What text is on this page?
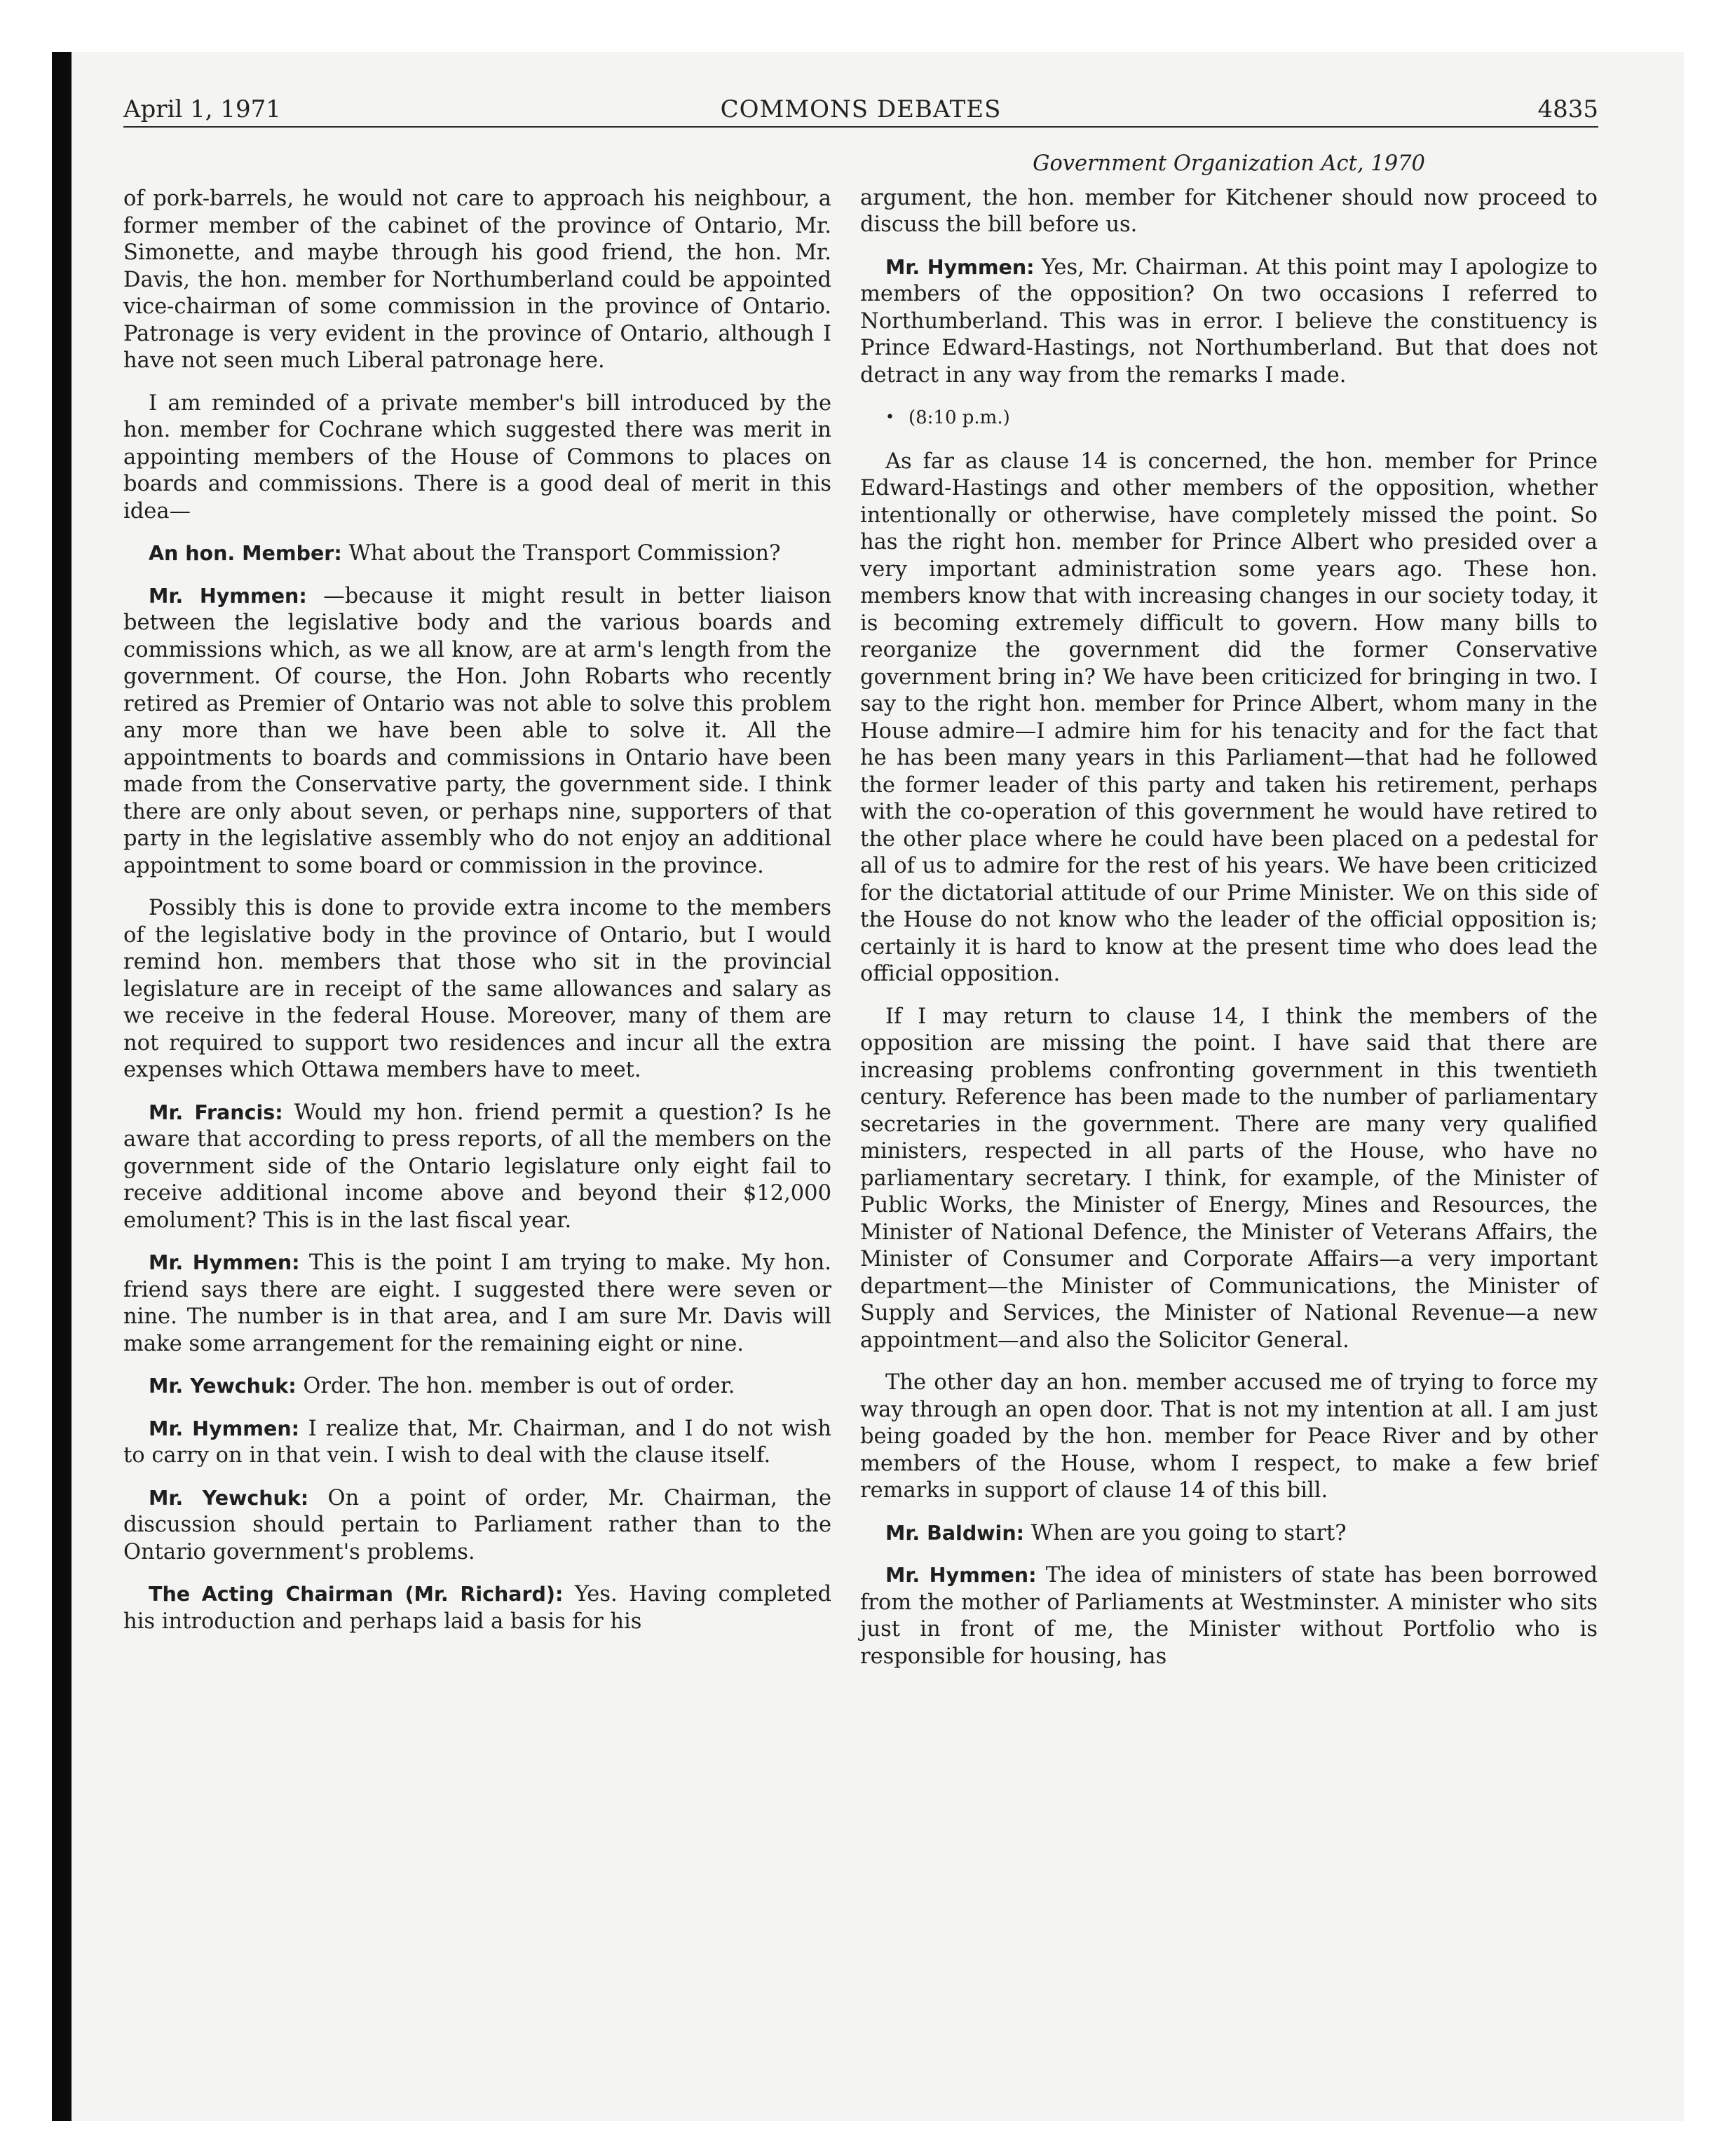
April 1, 1971	COMMONS DEBATES	4835

of pork-barrels, he would not care to approach his neighbour, a former member of the cabinet of the province of Ontario, Mr. Simonette, and maybe through his good friend, the hon. Mr. Davis, the hon. member for Northumberland could be appointed vice-chairman of some commission in the province of Ontario. Patronage is very evident in the province of Ontario, although I have not seen much Liberal patronage here.

I am reminded of a private member's bill introduced by the hon. member for Cochrane which suggested there was merit in appointing members of the House of Commons to places on boards and commissions. There is a good deal of merit in this idea—

An hon. Member: What about the Transport Commission?

Mr. Hymmen: —because it might result in better liaison between the legislative body and the various boards and commissions which, as we all know, are at arm's length from the government. Of course, the Hon. John Robarts who recently retired as Premier of Ontario was not able to solve this problem any more than we have been able to solve it. All the appointments to boards and commissions in Ontario have been made from the Conservative party, the government side. I think there are only about seven, or perhaps nine, supporters of that party in the legislative assembly who do not enjoy an additional appointment to some board or commission in the province.

Possibly this is done to provide extra income to the members of the legislative body in the province of Ontario, but I would remind hon. members that those who sit in the provincial legislature are in receipt of the same allowances and salary as we receive in the federal House. Moreover, many of them are not required to support two residences and incur all the extra expenses which Ottawa members have to meet.

Mr. Francis: Would my hon. friend permit a question? Is he aware that according to press reports, of all the members on the government side of the Ontario legislature only eight fail to receive additional income above and beyond their $12,000 emolument? This is in the last fiscal year.

Mr. Hymmen: This is the point I am trying to make. My hon. friend says there are eight. I suggested there were seven or nine. The number is in that area, and I am sure Mr. Davis will make some arrangement for the remaining eight or nine.

Mr. Yewchuk: Order. The hon. member is out of order.

Mr. Hymmen: I realize that, Mr. Chairman, and I do not wish to carry on in that vein. I wish to deal with the clause itself.

Mr. Yewchuk: On a point of order, Mr. Chairman, the discussion should pertain to Parliament rather than to the Ontario government's problems.

The Acting Chairman (Mr. Richard): Yes. Having completed his introduction and perhaps laid a basis for his

Government Organization Act, 1970

argument, the hon. member for Kitchener should now proceed to discuss the bill before us.

Mr. Hymmen: Yes, Mr. Chairman. At this point may I apologize to members of the opposition? On two occasions I referred to Northumberland. This was in error. I believe the constituency is Prince Edward-Hastings, not Northumberland. But that does not detract in any way from the remarks I made.

• (8:10 p.m.)

As far as clause 14 is concerned, the hon. member for Prince Edward-Hastings and other members of the opposition, whether intentionally or otherwise, have completely missed the point. So has the right hon. member for Prince Albert who presided over a very important administration some years ago. These hon. members know that with increasing changes in our society today, it is becoming extremely difficult to govern. How many bills to reorganize the government did the former Conservative government bring in? We have been criticized for bringing in two. I say to the right hon. member for Prince Albert, whom many in the House admire—I admire him for his tenacity and for the fact that he has been many years in this Parliament—that had he followed the former leader of this party and taken his retirement, perhaps with the co-operation of this government he would have retired to the other place where he could have been placed on a pedestal for all of us to admire for the rest of his years. We have been criticized for the dictatorial attitude of our Prime Minister. We on this side of the House do not know who the leader of the official opposition is; certainly it is hard to know at the present time who does lead the official opposition.

If I may return to clause 14, I think the members of the opposition are missing the point. I have said that there are increasing problems confronting government in this twentieth century. Reference has been made to the number of parliamentary secretaries in the government. There are many very qualified ministers, respected in all parts of the House, who have no parliamentary secretary. I think, for example, of the Minister of Public Works, the Minister of Energy, Mines and Resources, the Minister of National Defence, the Minister of Veterans Affairs, the Minister of Consumer and Corporate Affairs—a very important department—the Minister of Communications, the Minister of Supply and Services, the Minister of National Revenue—a new appointment—and also the Solicitor General.

The other day an hon. member accused me of trying to force my way through an open door. That is not my intention at all. I am just being goaded by the hon. member for Peace River and by other members of the House, whom I respect, to make a few brief remarks in support of clause 14 of this bill.

Mr. Baldwin: When are you going to start?

Mr. Hymmen: The idea of ministers of state has been borrowed from the mother of Parliaments at Westminster. A minister who sits just in front of me, the Minister without Portfolio who is responsible for housing, has
